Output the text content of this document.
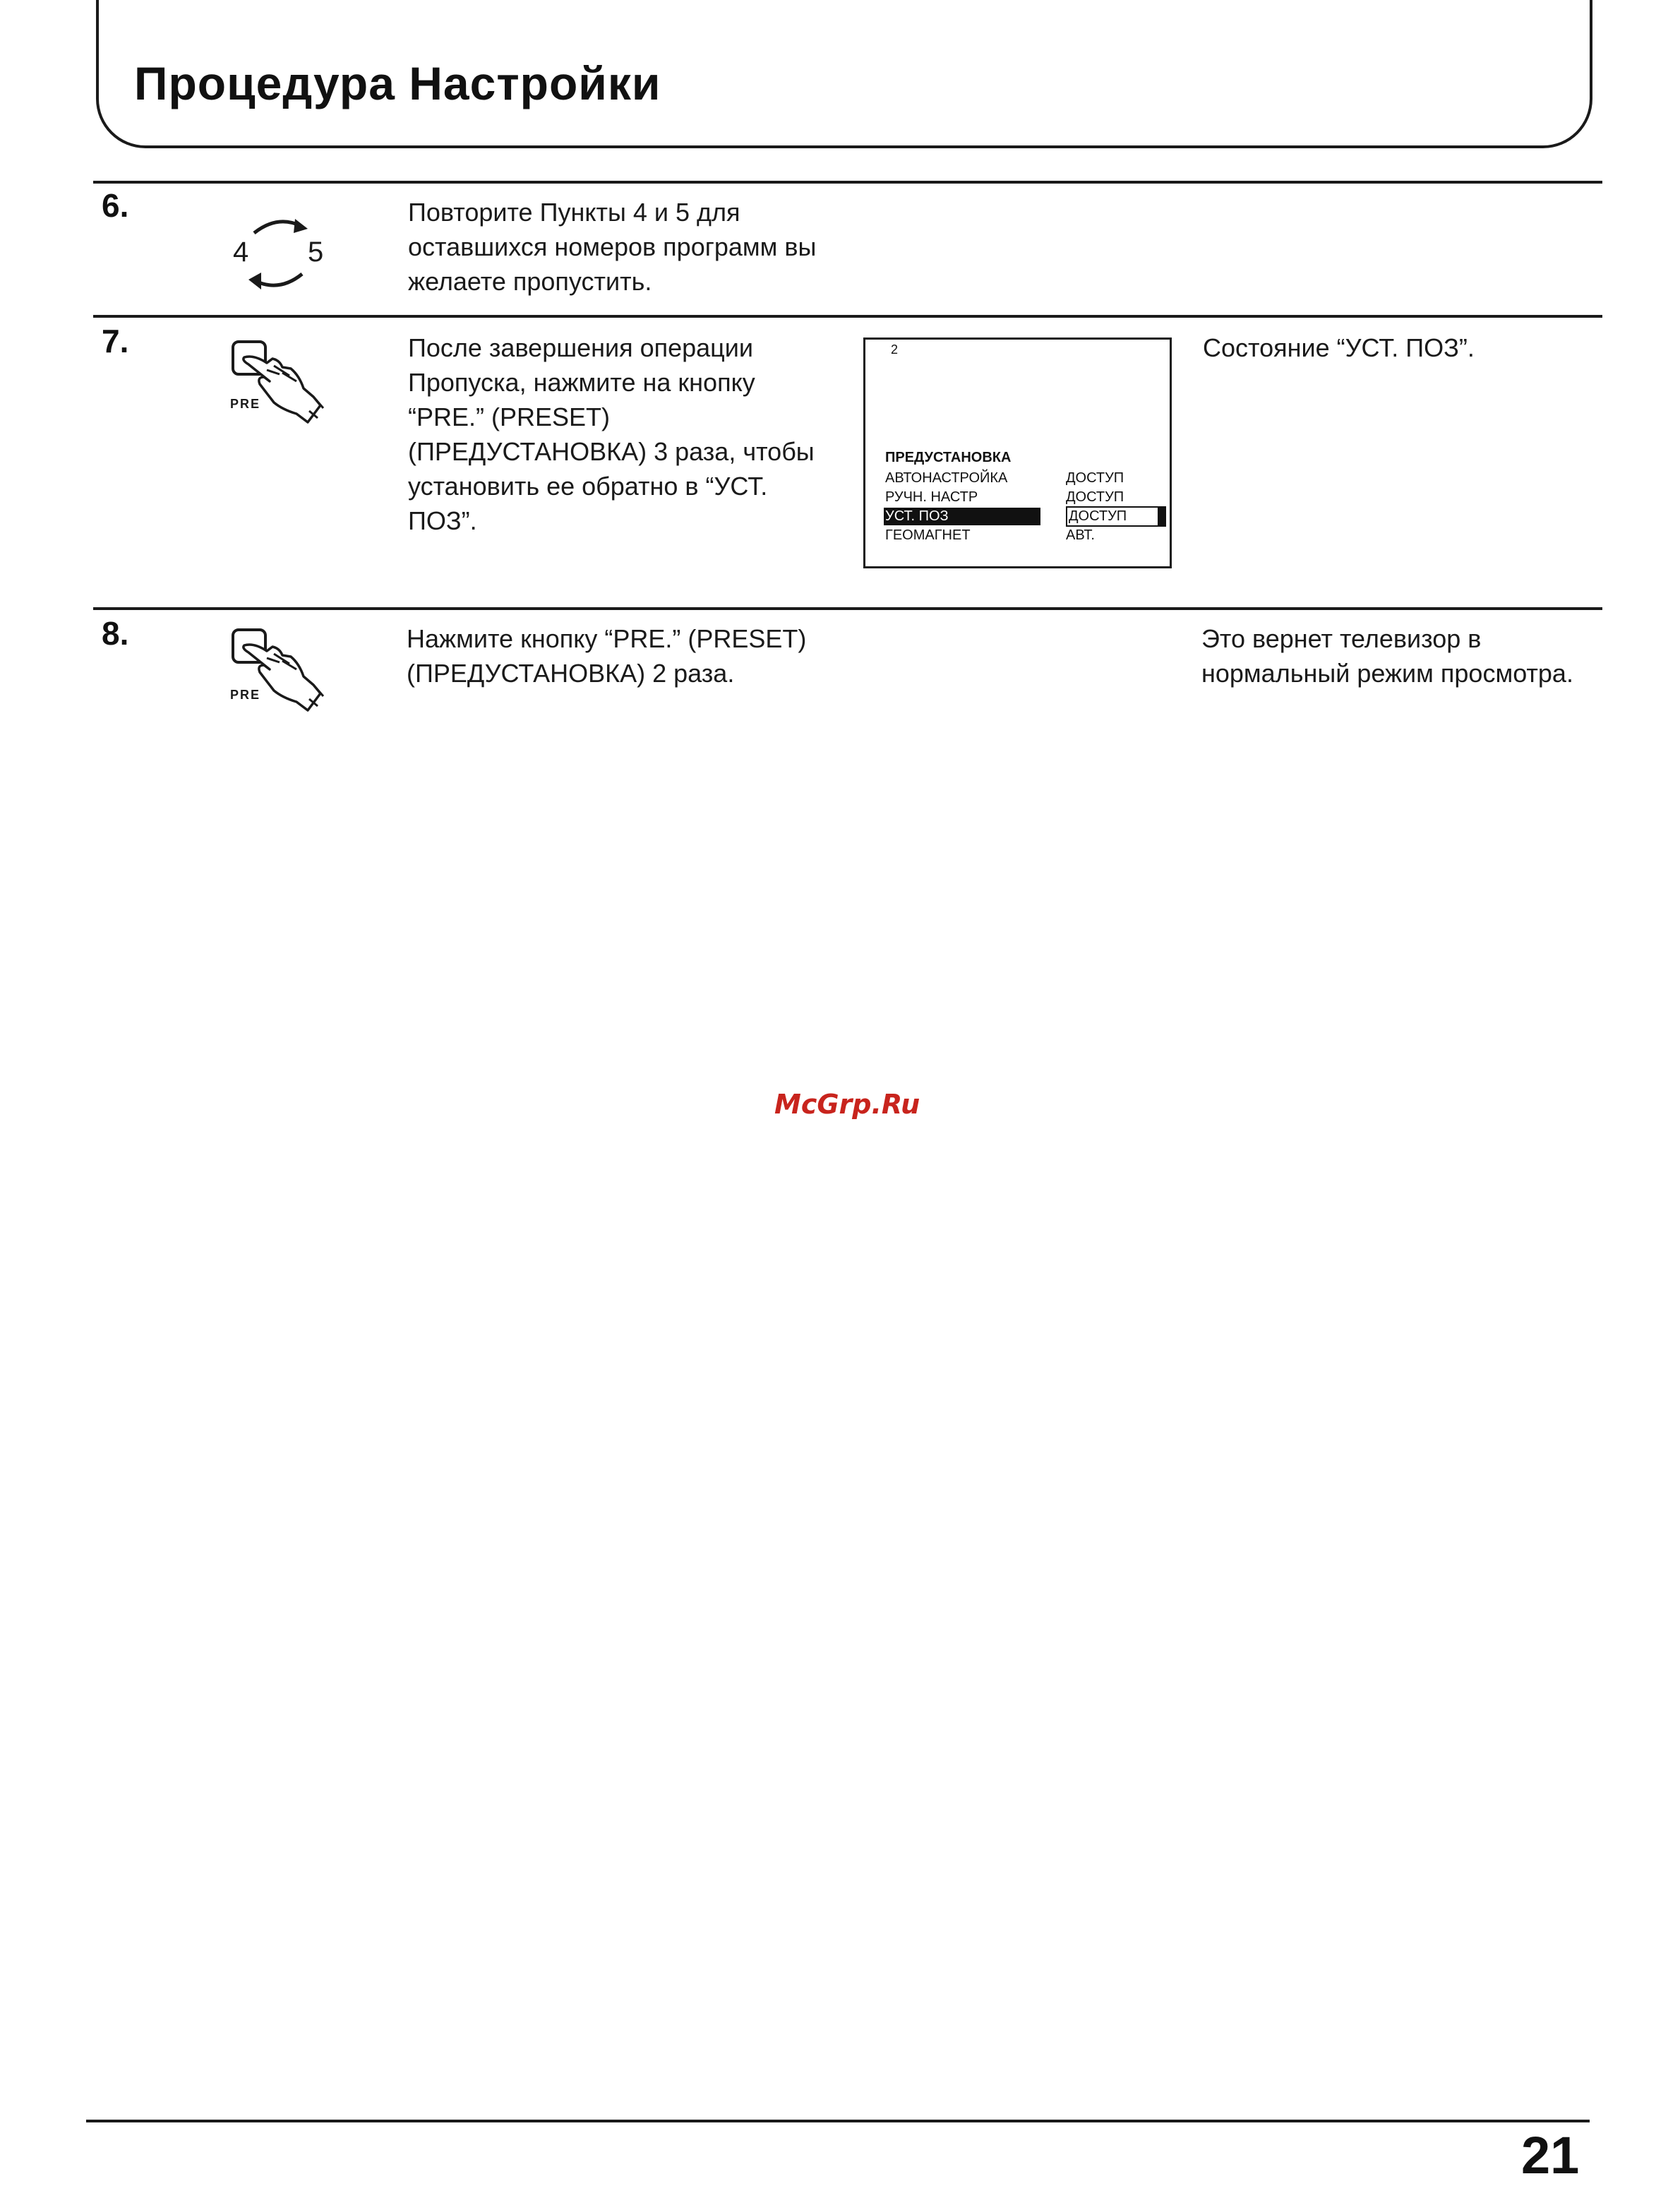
Процедура Настройки
6.
4 5
Повторите Пункты 4 и 5 для
оставшихся номеров программ вы
желаете пропустить.
7.
PRE
После завершения операции
Пропуска, нажмите на кнопку
“PRE.” (PRESET)
(ПРЕДУСТАНОВКА) 3 раза, чтобы
установить ее обратно в “УСТ.
ПОЗ”.
2
ПРЕДУСТАНОВКА
АВТОНАСТРОЙКА	ДОСТУП
РУЧН. НАСТР	ДОСТУП
УСТ. ПОЗ	ДОСТУП
ГЕОМАГНЕТ	АВТ.
Состояние “УСТ. ПОЗ”.
8.
PRE
Нажмите кнопку “PRE.” (PRESET)
(ПРЕДУСТАНОВКА) 2 раза.
Это вернет телевизор в
нормальный режим просмотра.
McGrp.Ru
21
